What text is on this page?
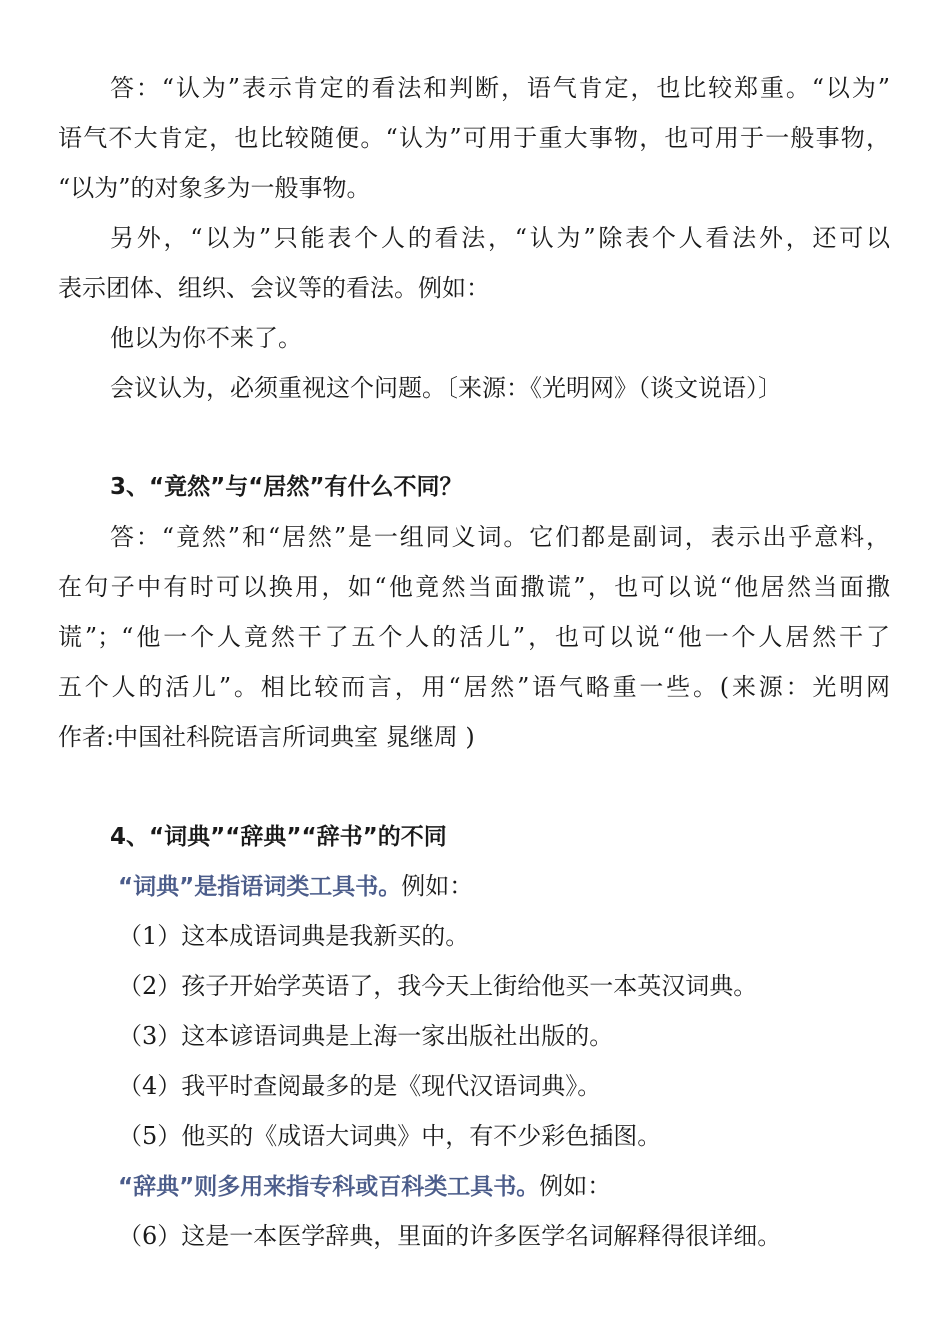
答：“认为”表示肯定的看法和判断，语气肯定，也比较郑重。“以为”
语气不大肯定，也比较随便。“认为”可用于重大事物，也可用于一般事物，
“以为”的对象多为一般事物。
另外，“以为”只能表个人的看法，“认为”除表个人看法外，还可以
表示团体、组织、会议等的看法。例如：
他以为你不来了。
会议认为，必须重视这个问题。〔来源：《光明网》（谈文说语）〕
3、“竟然”与“居然”有什么不同？
答：“竟然”和“居然”是一组同义词。它们都是副词，表示出乎意料，
在句子中有时可以换用，如“他竟然当面撒谎”，也可以说“他居然当面撒
谎”；“他一个人竟然干了五个人的活儿”，也可以说“他一个人居然干了
五个人的活儿”。相比较而言，用“居然”语气略重一些。(来源：光明网
作者:中国社科院语言所词典室 晁继周 )
4、“词典”“辞典”“辞书”的不同
“词典”是指语词类工具书。例如：
（1）这本成语词典是我新买的。
（2）孩子开始学英语了，我今天上街给他买一本英汉词典。
（3）这本谚语词典是上海一家出版社出版的。
（4）我平时查阅最多的是《现代汉语词典》。
（5）他买的《成语大词典》中，有不少彩色插图。
“辞典”则多用来指专科或百科类工具书。例如：
（6）这是一本医学辞典，里面的许多医学名词解释得很详细。
